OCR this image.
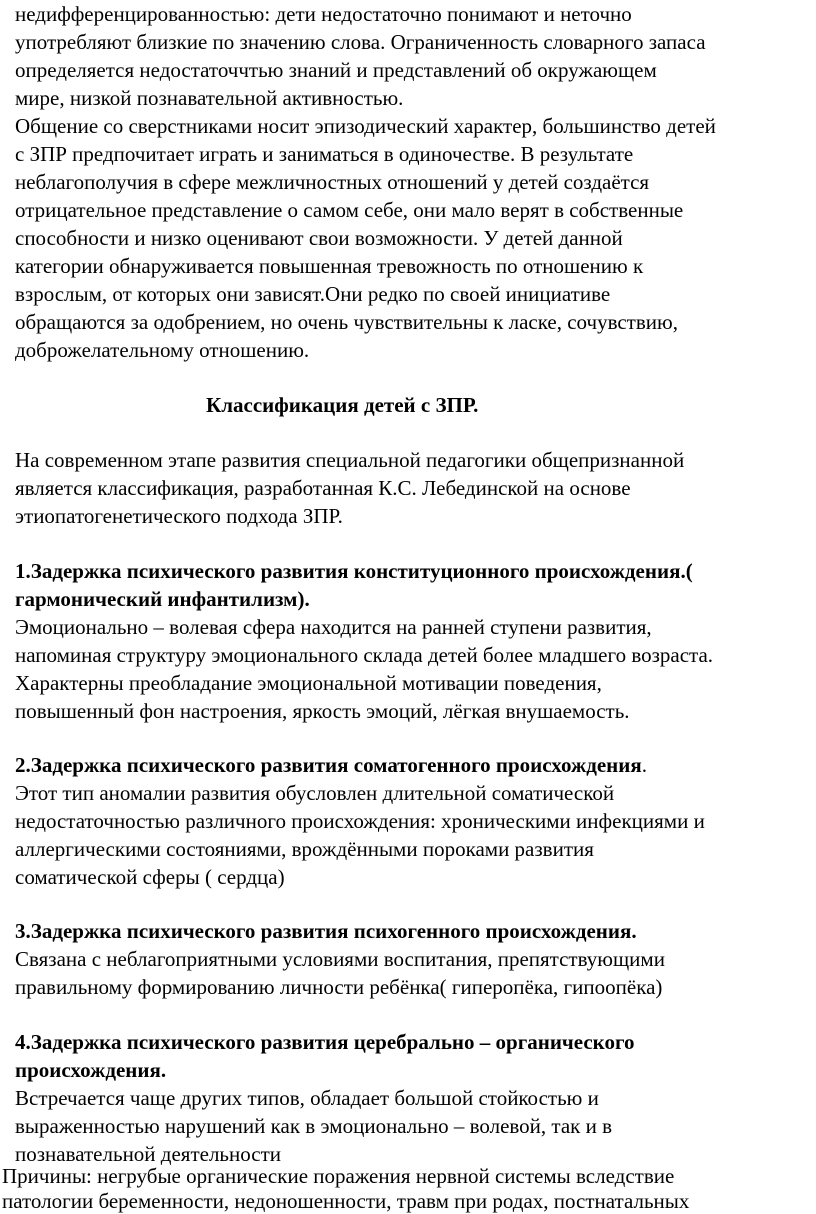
недифференцированностью: дети недостаточно понимают и неточно
употребляют близкие по значению слова. Ограниченность словарного запаса
определяется недостаточчтью знаний и представлений об окружающем
мире, низкой познавательной активностью.
Общение со сверстниками носит эпизодический характер, большинство детей
с ЗПР предпочитает играть и заниматься в одиночестве. В результате
неблагополучия в сфере межличностных отношений у детей создаётся
отрицательное представление о самом себе, они мало верят в собственные
способности и низко оценивают свои возможности. У детей данной
категории обнаруживается повышенная тревожность по отношению к
взрослым, от которых они зависят.Они редко по своей инициативе
обращаются за одобрением, но очень чувствительны к ласке, сочувствию,
доброжелательному отношению.
Классификация детей с ЗПР.
На современном этапе развития специальной педагогики общепризнанной
является классификация, разработанная К.С. Лебединской на основе
этиопатогенетического подхода ЗПР.
1.Задержка психического развития конституционного происхождения.(
гармонический инфантилизм).
Эмоционально – волевая сфера находится на ранней ступени развития,
напоминая структуру эмоционального склада детей более младшего возраста.
Характерны преобладание эмоциональной мотивации поведения,
повышенный фон настроения, яркость эмоций, лёгкая внушаемость.
2.Задержка психического развития соматогенного происхождения.
Этот тип аномалии развития обусловлен длительной соматической
недостаточностью различного происхождения: хроническими инфекциями и
аллергическими состояниями, врождёнными пороками развития
соматической сферы ( сердца)
3.Задержка психического развития психогенного происхождения.
Связана с неблагоприятными условиями воспитания, препятствующими
правильному формированию личности ребёнка( гиперопёка, гипоопёка)
4.Задержка психического развития церебрально – органического
происхождения.
Встречается чаще других типов, обладает большой стойкостью и
выраженностью нарушений как в эмоционально – волевой, так и в
познавательной деятельности
Причины: негрубые органические поражения нервной системы вследствие
патологии беременности, недоношенности, травм при родах, постнатальных
